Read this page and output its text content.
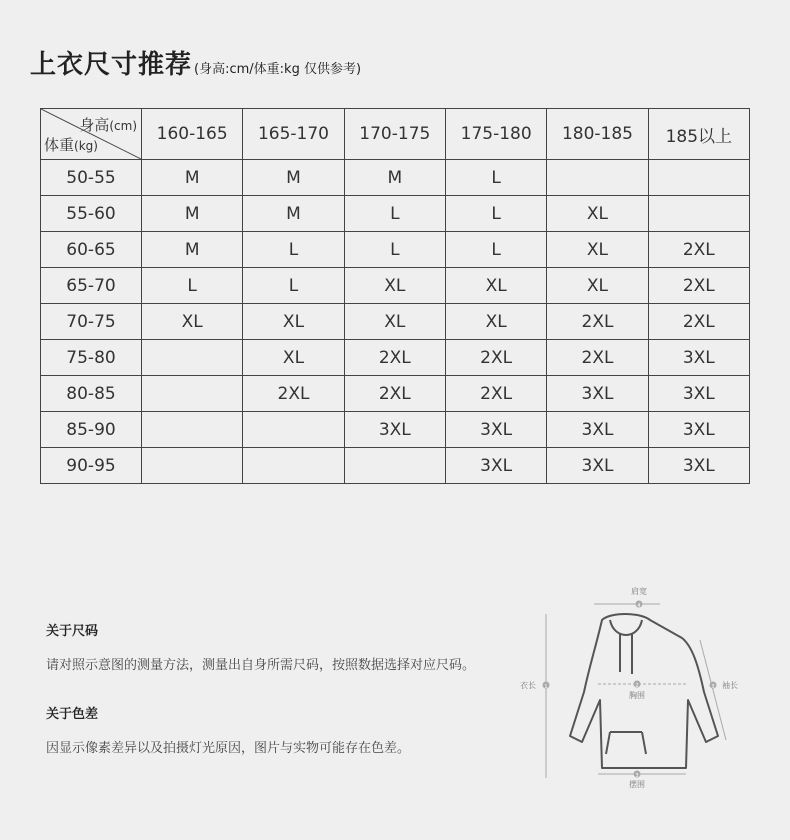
上衣尺寸推荐 (身高:cm/体重:kg 仅供参考)
身高(cm)
体重(kg)	160-165	165-170	170-175	175-180	180-185	185以上
50-55	M	M	M	L		
55-60	M	M	L	L	XL	
60-65	M	L	L	L	XL	2XL
65-70	L	L	XL	XL	XL	2XL
70-75	XL	XL	XL	XL	2XL	2XL
75-80		XL	2XL	2XL	2XL	3XL
80-85		2XL	2XL	2XL	3XL	3XL
85-90			3XL	3XL	3XL	3XL
90-95				3XL	3XL	3XL
关于尺码

请对照示意图的测量方法，测量出自身所需尺码，按照数据选择对应尺码。

关于色差

因显示像素差异以及拍摄灯光原因，图片与实物可能存在色差。

肩宽
4
衣长 1	袖长
3
2
胸围
3
摆围
